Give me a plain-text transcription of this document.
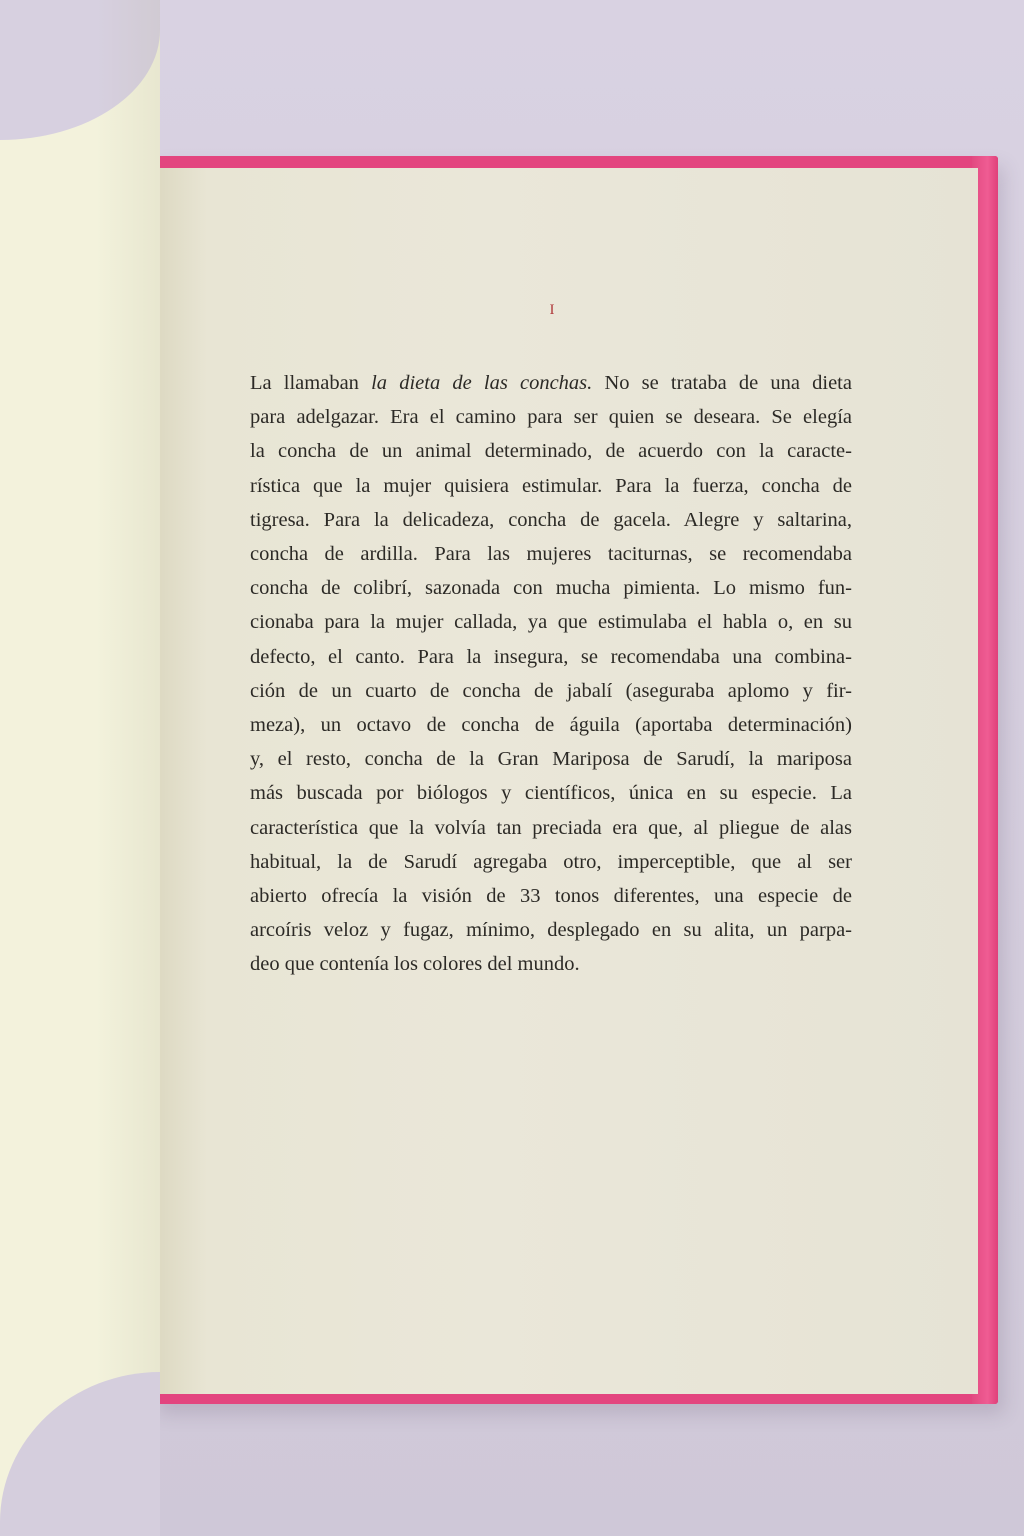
I

La llamaban la dieta de las conchas. No se trataba de una dieta
para adelgazar. Era el camino para ser quien se deseara. Se elegía
la concha de un animal determinado, de acuerdo con la caracte-
rística que la mujer quisiera estimular. Para la fuerza, concha de
tigresa. Para la delicadeza, concha de gacela. Alegre y saltarina,
concha de ardilla. Para las mujeres taciturnas, se recomendaba
concha de colibrí, sazonada con mucha pimienta. Lo mismo fun-
cionaba para la mujer callada, ya que estimulaba el habla o, en su
defecto, el canto. Para la insegura, se recomendaba una combina-
ción de un cuarto de concha de jabalí (aseguraba aplomo y fir-
meza), un octavo de concha de águila (aportaba determinación)
y, el resto, concha de la Gran Mariposa de Sarudí, la mariposa
más buscada por biólogos y científicos, única en su especie. La
característica que la volvía tan preciada era que, al pliegue de alas
habitual, la de Sarudí agregaba otro, imperceptible, que al ser
abierto ofrecía la visión de 33 tonos diferentes, una especie de
arcoíris veloz y fugaz, mínimo, desplegado en su alita, un parpa-
deo que contenía los colores del mundo.
